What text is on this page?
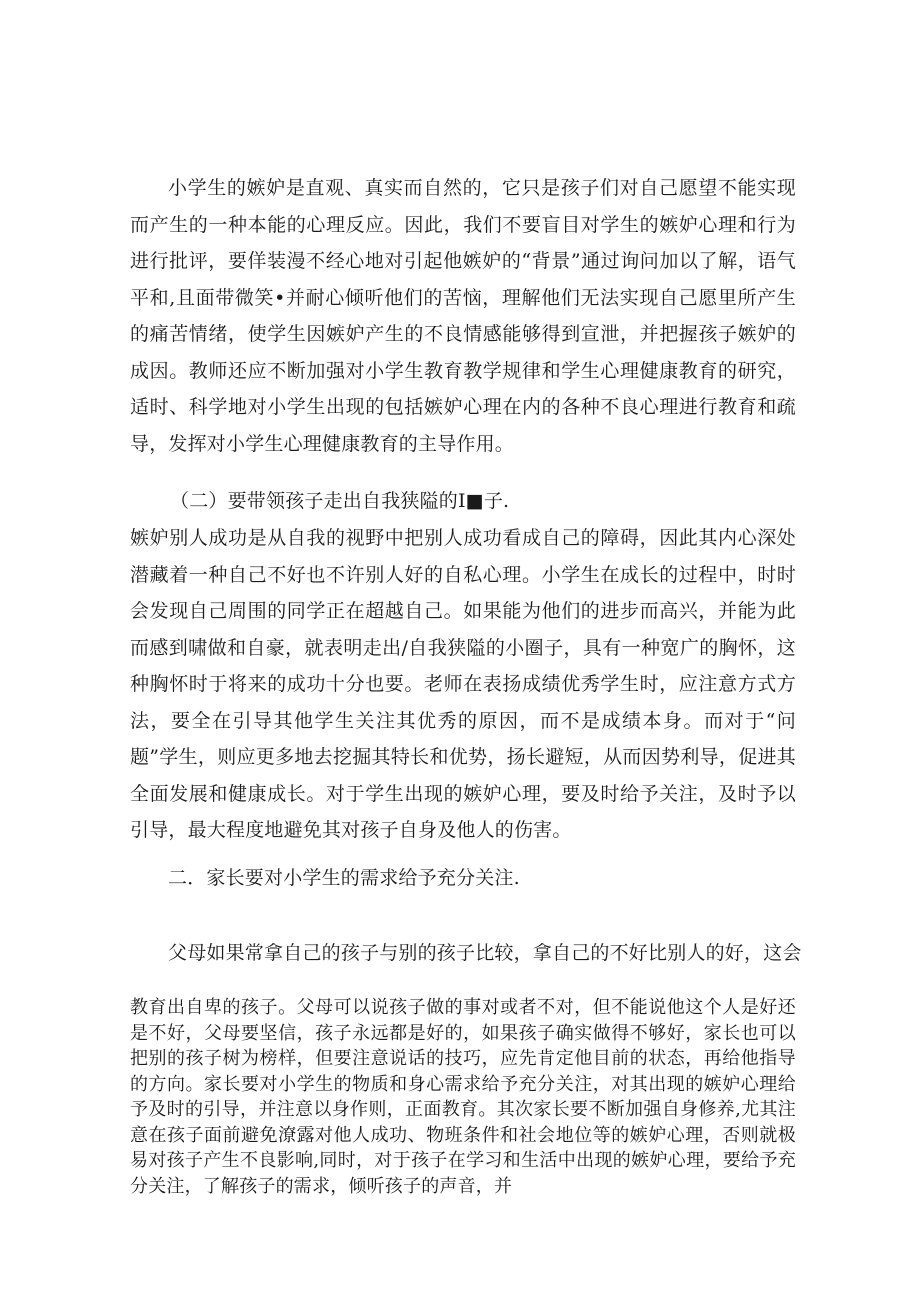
小学生的嫉妒是直观、真实而自然的，它只是孩子们对自己愿望不能实现而产生的一种本能的心理反应。因此，我们不要盲目对学生的嫉妒心理和行为进行批评，要佯装漫不经心地对引起他嫉妒的“背景”通过询问加以了解，语气平和,且面带微笑•并耐心倾听他们的苦恼，理解他们无法实现自己愿里所产生的痛苦情绪，使学生因嫉妒产生的不良情感能够得到宣泄，并把握孩子嫉妒的成因。教师还应不断加强对小学生教育教学规律和学生心理健康教育的研究，适时、科学地对小学生出现的包括嫉妒心理在内的各种不良心理进行教育和疏导，发挥对小学生心理健康教育的主导作用。

（二）要带领孩子走出自我狭隘的I■子.

嫉妒别人成功是从自我的视野中把别人成功看成自己的障碍，因此其内心深处潜藏着一种自己不好也不许别人好的自私心理。小学生在成长的过程中，时时会发现自己周围的同学正在超越自己。如果能为他们的进步而高兴，并能为此而感到啸做和自豪，就表明走出/自我狭隘的小圈子，具有一种宽广的胸怀，这种胸怀时于将来的成功十分也要。老师在表扬成绩优秀学生时，应注意方式方法，要全在引导其他学生关注其优秀的原因，而不是成绩本身。而对于“问题”学生，则应更多地去挖掘其特长和优势，扬长避短，从而因势利导，促进其全面发展和健康成长。对于学生出现的嫉妒心理，要及时给予关注，及时予以引导，最大程度地避免其对孩子自身及他人的伤害。

二．家长要对小学生的需求给予充分关注.

父母如果常拿自己的孩子与别的孩子比较，拿自己的不好比别人的好，这会

教育出自卑的孩子。父母可以说孩子做的事对或者不对，但不能说他这个人是好还是不好，父母要坚信，孩子永远都是好的，如果孩子确实做得不够好，家长也可以把别的孩子树为榜样，但要注意说话的技巧，应先肯定他目前的状态，再给他指导的方向。家长要对小学生的物质和身心需求给予充分关注，对其出现的嫉妒心理给予及时的引导，并注意以身作则，正面教育。其次家长要不断加强自身修养,尤其注意在孩子面前避免潦露对他人成功、物班条件和社会地位等的嫉妒心理，否则就极易对孩子产生不良影响,同时，对于孩子在学习和生活中出现的嫉妒心理，要给予充分关注，了解孩子的需求，倾听孩子的声音，并
